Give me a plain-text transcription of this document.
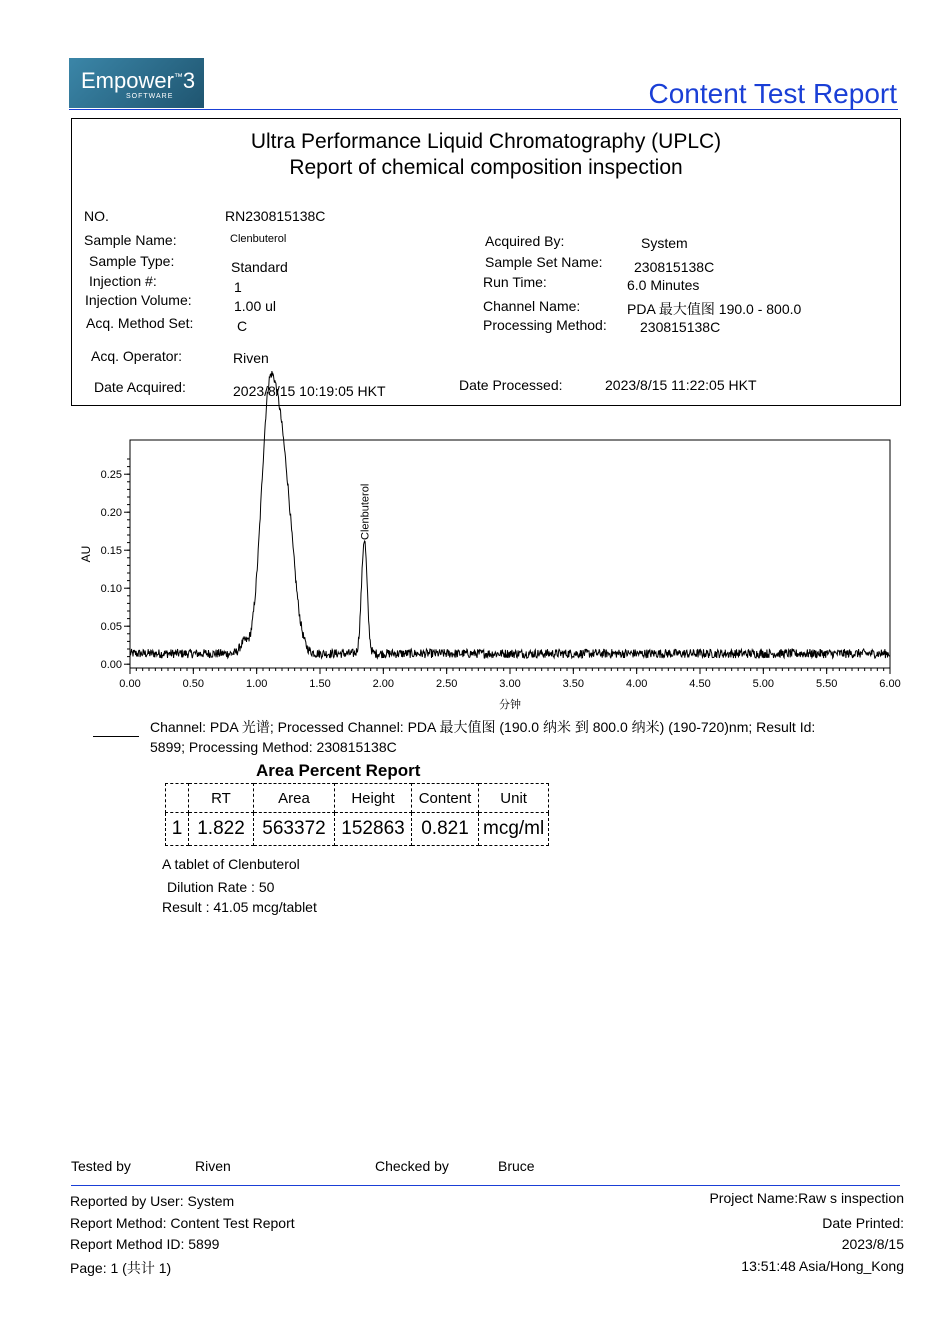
Empower™3
SOFTWARE	Content Test Report
Ultra Performance Liquid Chromatography (UPLC)
Report of chemical composition inspection
NO.	RN230815138C
Sample Name:	Clenbuterol
Sample Type:	Standard
Injection #:	1
Injection Volume:	1.00 ul
Acq. Method Set:	C
Acq. Operator:	Riven
Date Acquired:	2023/8/15 10:19:05 HKT
Acquired By:	System
Sample Set Name: 230815138C
Run Time:	6.0 Minutes
Channel Name:	PDA 最大值图 190.0 - 800.0
Processing Method: 230815138C
Date Processed:	2023/8/15 11:22:05 HKT
0.00
0.05
0.10
0.15
0.20
0.25
0.00	0.50	1.00	1.50	2.00	2.50	3.00	3.50	4.00	4.50	5.00	5.50	6.00
Clenbuterol
AU
分钟
Channel: PDA 光谱; Processed Channel: PDA 最大值图 (190.0 纳米 到 800.0 纳米) (190-720)nm; Result Id:
5899; Processing Method: 230815138C
Area Percent Report
	RT	Area	Height	Content	Unit
1	1.822	563372	152863	0.821	mcg/ml
A tablet of Clenbuterol
Dilution Rate : 50
Result : 41.05 mcg/tablet
Tested by	Riven	Checked by	Bruce
Reported by User: System
Report Method: Content Test Report
Report Method ID: 5899
Page: 1 (共计 1)
Project Name:Raw s inspection
Date Printed:
2023/8/15
13:51:48 Asia/Hong_Kong
